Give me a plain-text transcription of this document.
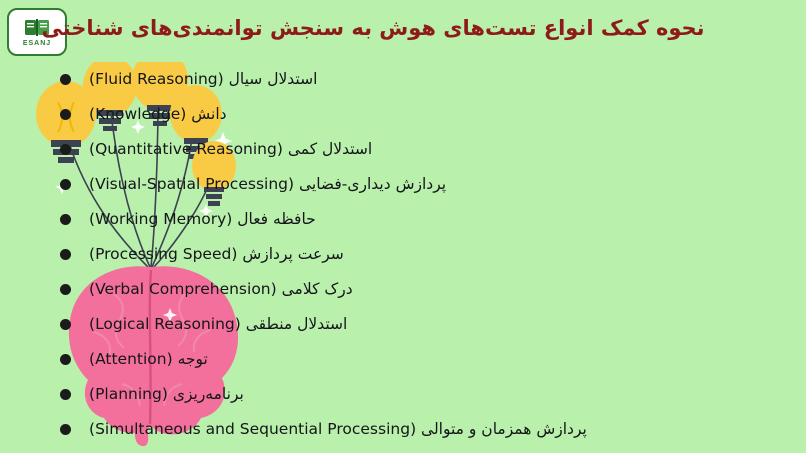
ESANJ
نحوه کمک انواع تست‌های هوش به سنجش توانمندی‌های شناختی
استدلال سیال (Fluid Reasoning)
دانش (Knowledge)
استدلال کمی (Quantitative Reasoning)
پردازش دیداری-فضایی (Visual-Spatial Processing)
حافظه فعال (Working Memory)
سرعت پردازش (Processing Speed)
درک کلامی (Verbal Comprehension)
استدلال منطقی (Logical Reasoning)
توجه (Attention)
برنامه‌ریزی (Planning)
پردازش همزمان و متوالی (Simultaneous and Sequential Processing)
